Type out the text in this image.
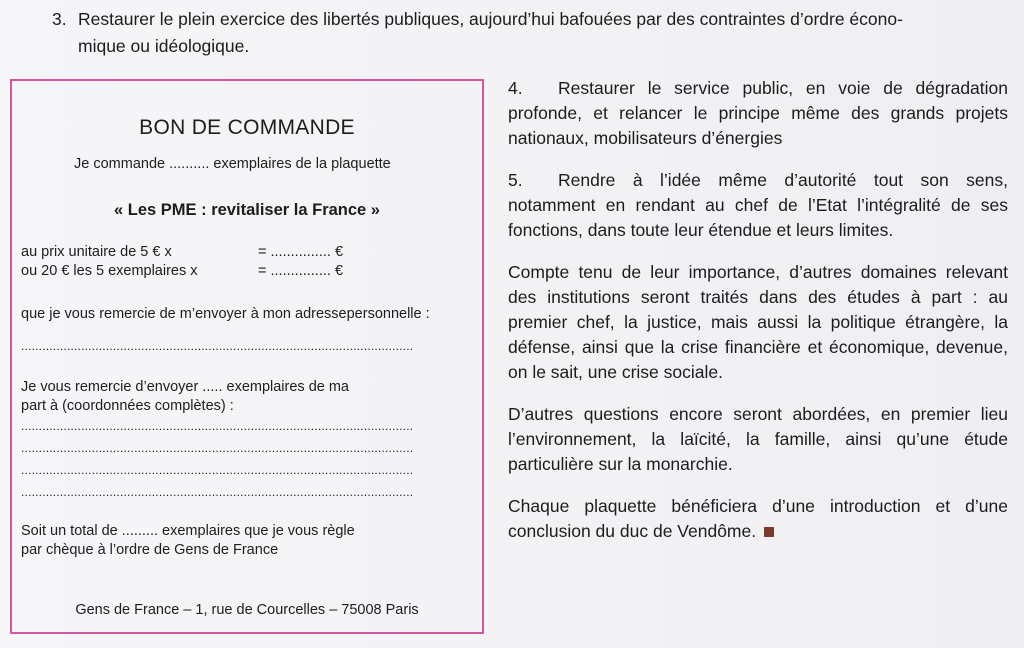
3. Restaurer le plein exercice des libertés publiques, aujourd’hui bafouées par des contraintes d’ordre écono-
mique ou idéologique.
BON DE COMMANDE
Je commande .......... exemplaires de la plaquette
« Les PME : revitaliser la France »
au prix unitaire de 5 € x	= ............... €
ou 20 € les 5 exemplaires x	= ............... €
que je vous remercie de m’envoyer à mon adressepersonnelle :
...............................................................................................................
Je vous remercie d’envoyer ..... exemplaires de ma
part à (coordonnées complètes) :
...............................................................................................................
...............................................................................................................
...............................................................................................................
...............................................................................................................
Soit un total de ......... exemplaires que je vous règle
par chèque à l’ordre de Gens de France
Gens de France – 1, rue de Courcelles – 75008 Paris

4. Restaurer le service public, en voie de dégradation profonde, et relancer le principe même des grands projets nationaux, mobilisateurs d’énergies

5. Rendre à l’idée même d’autorité tout son sens, notamment en rendant au chef de l’Etat l’intégralité de ses fonctions, dans toute leur étendue et leurs limites.

Compte tenu de leur importance, d’autres domaines relevant des institutions seront traités dans des études à part : au premier chef, la justice, mais aussi la politique étrangère, la défense, ainsi que la crise financière et économique, devenue, on le sait, une crise sociale.

D’autres questions encore seront abordées, en premier lieu l’environnement, la laïcité, la famille, ainsi qu’une étude particulière sur la monarchie.

Chaque plaquette bénéficiera d’une introduction et d’une conclusion du duc de Vendôme.
